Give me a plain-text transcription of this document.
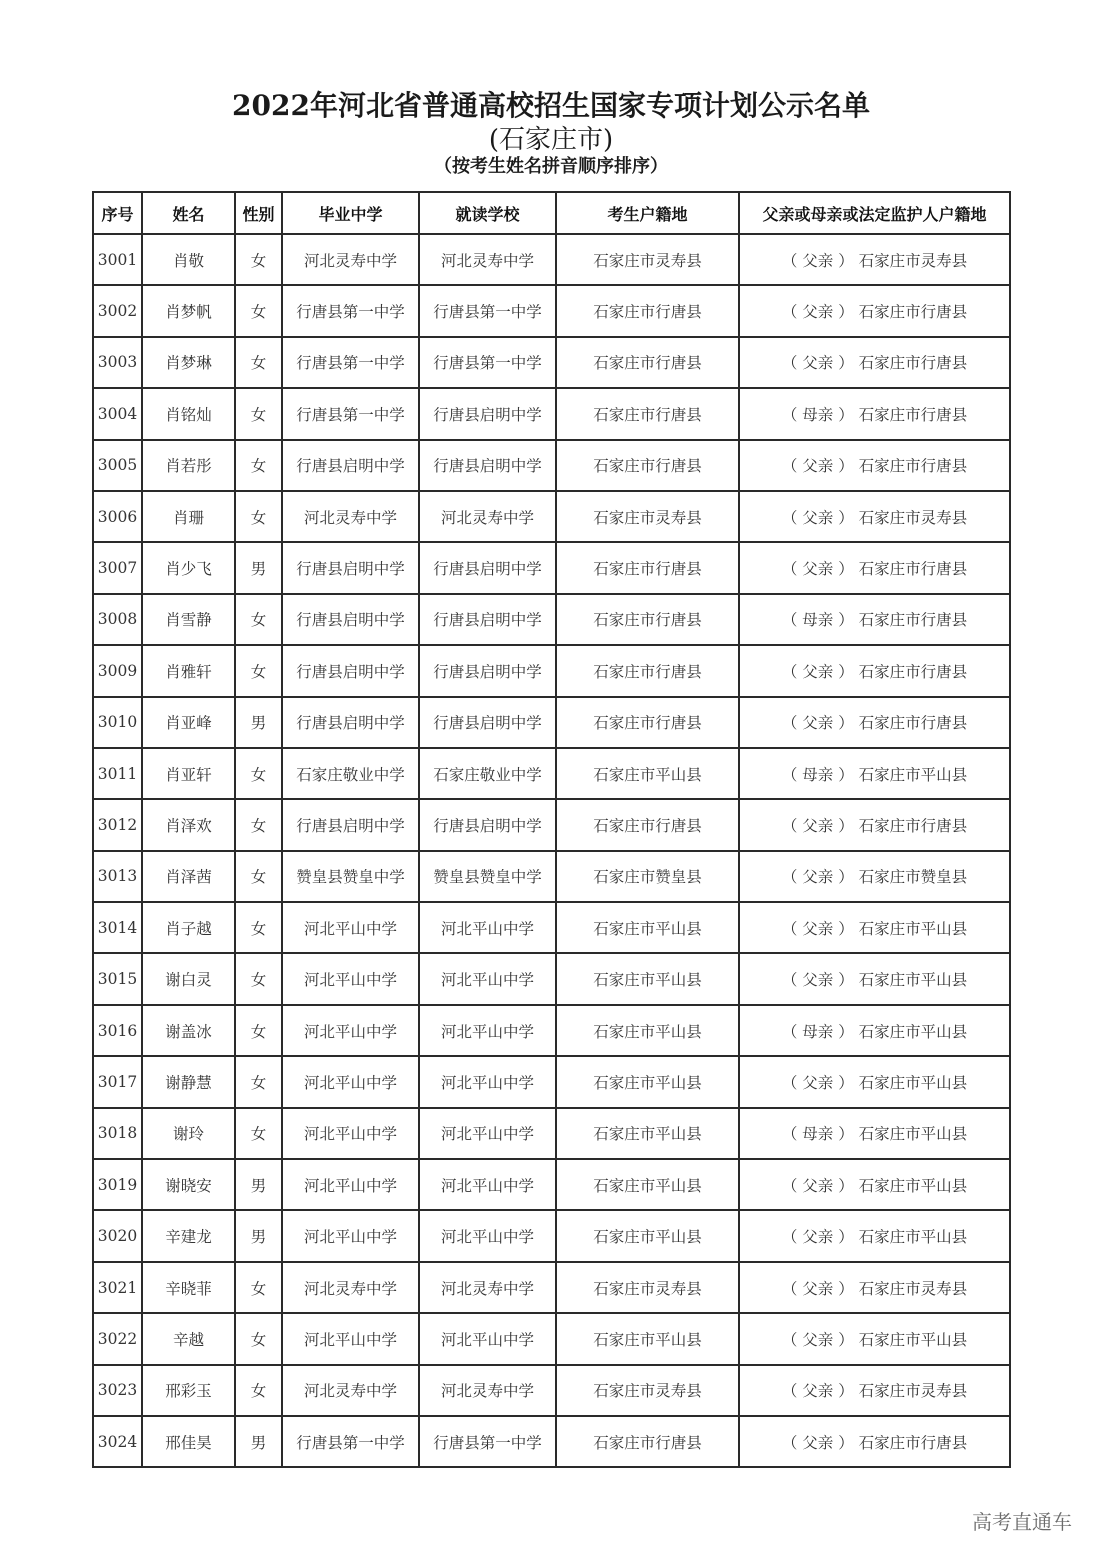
2022年河北省普通高校招生国家专项计划公示名单
(石家庄市)
（按考生姓名拼音顺序排序）
序号	姓名	性别	毕业中学	就读学校	考生户籍地	父亲或母亲或法定监护人户籍地
3001	肖敬	女	河北灵寿中学	河北灵寿中学	石家庄市灵寿县	（ 父亲 ） 石家庄市灵寿县
3002	肖梦帆	女	行唐县第一中学	行唐县第一中学	石家庄市行唐县	（ 父亲 ） 石家庄市行唐县
3003	肖梦琳	女	行唐县第一中学	行唐县第一中学	石家庄市行唐县	（ 父亲 ） 石家庄市行唐县
3004	肖铭灿	女	行唐县第一中学	行唐县启明中学	石家庄市行唐县	（ 母亲 ） 石家庄市行唐县
3005	肖若彤	女	行唐县启明中学	行唐县启明中学	石家庄市行唐县	（ 父亲 ） 石家庄市行唐县
3006	肖珊	女	河北灵寿中学	河北灵寿中学	石家庄市灵寿县	（ 父亲 ） 石家庄市灵寿县
3007	肖少飞	男	行唐县启明中学	行唐县启明中学	石家庄市行唐县	（ 父亲 ） 石家庄市行唐县
3008	肖雪静	女	行唐县启明中学	行唐县启明中学	石家庄市行唐县	（ 母亲 ） 石家庄市行唐县
3009	肖雅轩	女	行唐县启明中学	行唐县启明中学	石家庄市行唐县	（ 父亲 ） 石家庄市行唐县
3010	肖亚峰	男	行唐县启明中学	行唐县启明中学	石家庄市行唐县	（ 父亲 ） 石家庄市行唐县
3011	肖亚轩	女	石家庄敬业中学	石家庄敬业中学	石家庄市平山县	（ 母亲 ） 石家庄市平山县
3012	肖泽欢	女	行唐县启明中学	行唐县启明中学	石家庄市行唐县	（ 父亲 ） 石家庄市行唐县
3013	肖泽茜	女	赞皇县赞皇中学	赞皇县赞皇中学	石家庄市赞皇县	（ 父亲 ） 石家庄市赞皇县
3014	肖子越	女	河北平山中学	河北平山中学	石家庄市平山县	（ 父亲 ） 石家庄市平山县
3015	谢白灵	女	河北平山中学	河北平山中学	石家庄市平山县	（ 父亲 ） 石家庄市平山县
3016	谢盖冰	女	河北平山中学	河北平山中学	石家庄市平山县	（ 母亲 ） 石家庄市平山县
3017	谢静慧	女	河北平山中学	河北平山中学	石家庄市平山县	（ 父亲 ） 石家庄市平山县
3018	谢玲	女	河北平山中学	河北平山中学	石家庄市平山县	（ 母亲 ） 石家庄市平山县
3019	谢晓安	男	河北平山中学	河北平山中学	石家庄市平山县	（ 父亲 ） 石家庄市平山县
3020	辛建龙	男	河北平山中学	河北平山中学	石家庄市平山县	（ 父亲 ） 石家庄市平山县
3021	辛晓菲	女	河北灵寿中学	河北灵寿中学	石家庄市灵寿县	（ 父亲 ） 石家庄市灵寿县
3022	辛越	女	河北平山中学	河北平山中学	石家庄市平山县	（ 父亲 ） 石家庄市平山县
3023	邢彩玉	女	河北灵寿中学	河北灵寿中学	石家庄市灵寿县	（ 父亲 ） 石家庄市灵寿县
3024	邢佳昊	男	行唐县第一中学	行唐县第一中学	石家庄市行唐县	（ 父亲 ） 石家庄市行唐县
高考直通车
